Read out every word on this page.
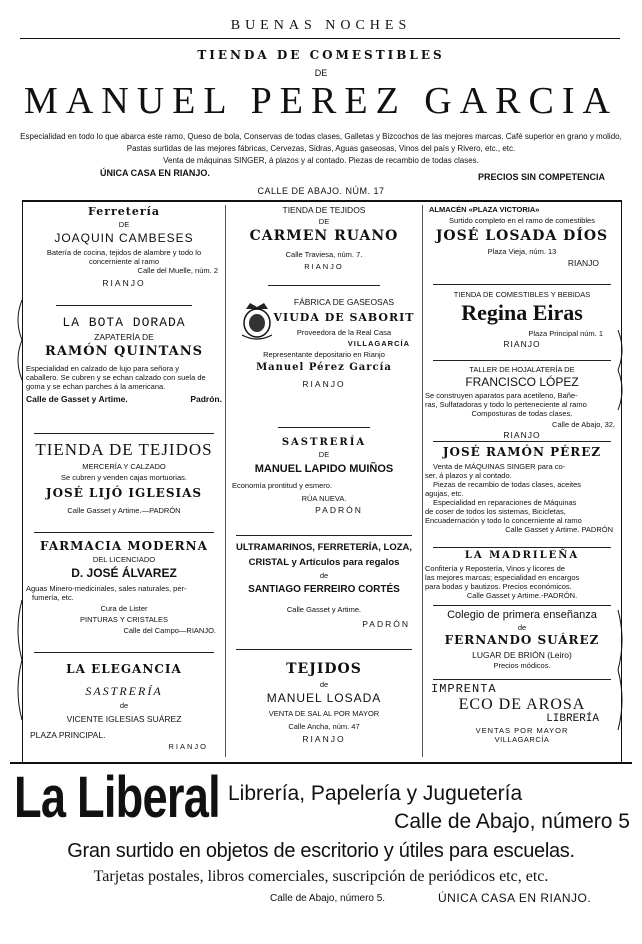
BUENAS NOCHES
TIENDA DE COMESTIBLES
DE
MANUEL PEREZ GARCIA
Especialidad en todo lo que abarca este ramo, Queso de bola, Conservas de todas clases, Galletas y Bizcochos de las mejores marcas. Café superior en grano y molido,
Pastas surtidas de las mejores fábricas, Cervezas, Sidras, Aguas gaseosas, Vinos del país y Rivero, etc., etc.
Venta de máquinas SINGER, á plazos y al contado. Piezas de recambio de todas clases.
ÚNICA CASA EN RIANJO.	PRECIOS SIN COMPETENCIA
CALLE DE ABAJO. NÚM. 17
Ferretería
DE
JOAQUIN CAMBESES
Batería de cocina, tejidos de alambre y todo lo
concerniente al ramo
Calle del Muelle, núm. 2
RIANJO
LA BOTA DORADA
ZAPATERÍA DE
RAMÓN QUINTANS
Especialidad en calzado de lujo para señora y
caballero. Se cubren y se echan calzado con suela de
goma y se echan parches á la americana.
Calle de Gasset y Artime.	Padrón.
TIENDA DE TEJIDOS
MERCERÍA Y CALZADO
Se cubren y venden cajas mortuorias.
JOSÉ LIJÓ IGLESIAS
Calle Gasset y Artime.—PADRÓN
FARMACIA MODERNA
DEL LICENCIADO
D. JOSÉ ÁLVAREZ
Aguas Minero-medicinales, sales naturales, per-
fumería, etc.
Cura de Lister
PINTURAS Y CRISTALES
Calle del Campo—RIANJO.
LA ELEGANCIA
SASTRERÍA
de
VICENTE IGLESIAS SUÁREZ
PLAZA PRINCIPAL.
RIANJO
TIENDA DE TEJIDOS
DE
CARMEN RUANO
Calle Traviesa, núm. 7.
RIANJO
FÁBRICA DE GASEOSAS
VIUDA DE SABORIT
Proveedora de la Real Casa
VILLAGARCÍA
Representante depositario en Rianjo
Manuel Pérez García
RIANJO
SASTRERÍA
DE
MANUEL LAPIDO MUIÑOS
Economía prontitud y esmero.
RÚA NUEVA.
PADRÓN
ULTRAMARINOS, FERRETERÍA, LOZA,
CRISTAL y Artículos para regalos
de
SANTIAGO FERREIRO CORTÉS
Calle Gasset y Artime.
PADRÓN
TEJIDOS
de
MANUEL LOSADA
VENTA DE SAL AL POR MAYOR
Calle Ancha, núm. 47
RIANJO
ALMACÉN «PLAZA VICTORIA»
Surtido completo en el ramo de comestibles
JOSÉ LOSADA DÍOS
Plaza Vieja, núm. 13
RIANJO
TIENDA DE COMESTIBLES Y BEBIDAS
Regina Eiras
Plaza Principal núm. 1
RIANJO
TALLER DE HOJALATERÍA DE
FRANCISCO LÓPEZ
Se construyen aparatos para acetileno, Bañe-
ras, Sulfatadoras y todo lo perteneciente al ramo
Composturas de todas clases.
Calle de Abajo, 32,
RIANJO
JOSÉ RAMÓN PÉREZ
Venta de MÁQUINAS SINGER para co-
ser, á plazos y al contado.
Piezas de recambio de todas clases, aceites
agujas, etc.
Especialidad en reparaciones de Máquinas
de coser de todos los sistemas, Bicicletas,
Encuadernación y todo lo concerniente al ramo
Calle Gasset y Artime. PADRÓN
LA MADRILEÑA
Confitería y Repostería, Vinos y licores de
las mejores marcas; especialidad en encargos
para bodas y bautizos. Precios económicos.
Calle Gasset y Artime.-PADRÓN.
Colegio de primera enseñanza
de
FERNANDO SUÁREZ
LUGAR DE BRIÓN (Leiro)
Precios módicos.
IMPRENTA
ECO DE AROSA
LIBRERÍA
VENTAS POR MAYOR
VILLAGARCÍA
La Liberal Librería, Papelería y Juguetería
Calle de Abajo, número 5
Gran surtido en objetos de escritorio y útiles para escuelas.
Tarjetas postales, libros comerciales, suscripción de periódicos etc, etc.
Calle de Abajo, número 5.	ÚNICA CASA EN RIANJO.
